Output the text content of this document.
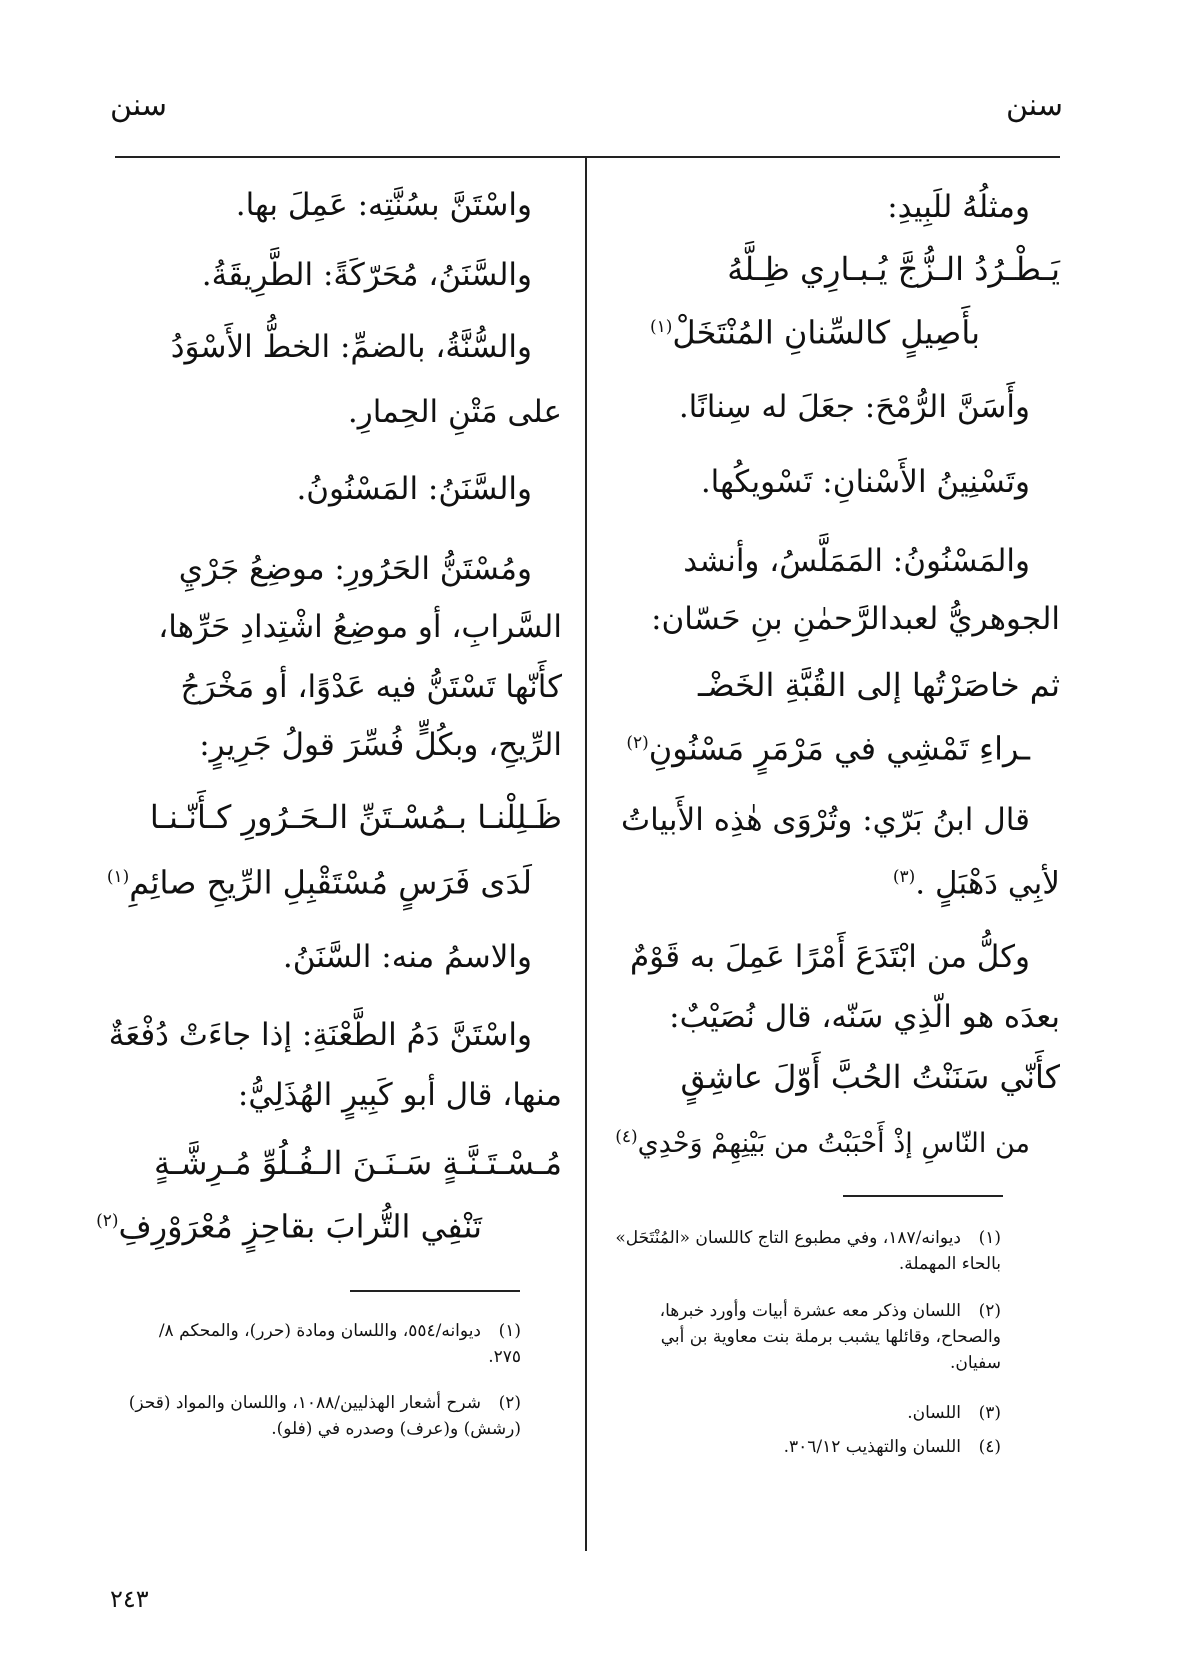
سنن
سنن
ومثلُهُ للَبِيدِ:
يَـطْـرُدُ الـزُّجَّ يُـبـارِي ظِـلَّهُ
بأَصِيلٍ كالسِّنانِ المُنْتَخَلْ$^{(١)}$
وأَسَنَّ الرُّمْحَ: جعَلَ له سِنانًا.
وتَسْنِينُ الأَسْنانِ: تَسْويكُها.
والمَسْنُونُ: المَمَلَّسُ، وأنشد
الجوهريُّ لعبدالرَّحمٰنِ بنِ حَسّان:
ثم خاصَرْتُها إلى القُبَّةِ الخَضْـ
ـراءِ تَمْشِي في مَرْمَرٍ مَسْنُونِ$^{(٢)}$
قال ابنُ بَرّي: وتُرْوَى هٰذِه الأَبياتُ
لأبِي دَهْبَلٍ .$^{(٣)}$
وكلُّ من ابْتَدَعَ أَمْرًا عَمِلَ به قَوْمٌ
بعدَه هو الّذِي سَنّه، قال نُصَيْبٌ:
كأَنّي سَنَنْتُ الحُبَّ أَوّلَ عاشِقٍ
من النّاسِ إذْ أَحْبَبْتُ من بَيْنِهِمْ وَحْدِي$^{(٤)}$
(١)ديوانه/١٨٧، وفي مطبوع التاج كاللسان «المُنْتَحَل»
بالحاء المهملة.
(٢)اللسان وذكر معه عشرة أبيات وأورد خبرها،
والصحاح، وقائلها يشبب برملة بنت معاوية بن أبي
سفيان.
(٣)اللسان.
(٤)اللسان والتهذيب ٣٠٦/١٢.
واسْتَنَّ بسُنَّتِه: عَمِلَ بها.
والسَّنَنُ، مُحَرّكَةً: الطَّرِيقَةُ.
والسُّنَّةُ، بالضمِّ: الخطُّ الأَسْوَدُ
على مَتْنِ الحِمارِ.
والسَّنَنُ: المَسْنُونُ.
ومُسْتَنُّ الحَرُورِ: موضِعُ جَرْيِ
السَّرابِ، أو موضِعُ اشْتِدادِ حَرِّها،
كأَنّها تَسْتَنُّ فيه عَدْوًا، أو مَخْرَجُ
الرِّيحِ، وبكُلٍّ فُسِّرَ قولُ جَرِيرٍ:
ظَـلِلْنـا بـمُسْـتَنِّ الـحَـرُورِ كـأَنّـنـا
لَدَى فَرَسٍ مُسْتَقْبِلِ الرِّيحِ صائِمِ$^{(١)}$
والاسمُ منه: السَّنَنُ.
واسْتَنَّ دَمُ الطَّعْنَةِ: إذا جاءَتْ دُفْعَةٌ
منها، قال أبو كَبِيرٍ الهُذَلِيُّ:
مُـسْـتَـنَّـةٍ سَـنَـنَ الـفُـلُوِّ مُـرِشَّـةٍ
تَنْفِي التُّرابَ بقاحِزٍ مُعْرَوْرِفِ$^{(٢)}$
(١)ديوانه/٥٥٤، واللسان ومادة (حرر)، والمحكم ٨/
٢٧٥.
(٢)شرح أشعار الهذليين/١٠٨٨، واللسان والمواد (قحز)
(رشش) و(عرف) وصدره في (فلو).
٢٤٣
